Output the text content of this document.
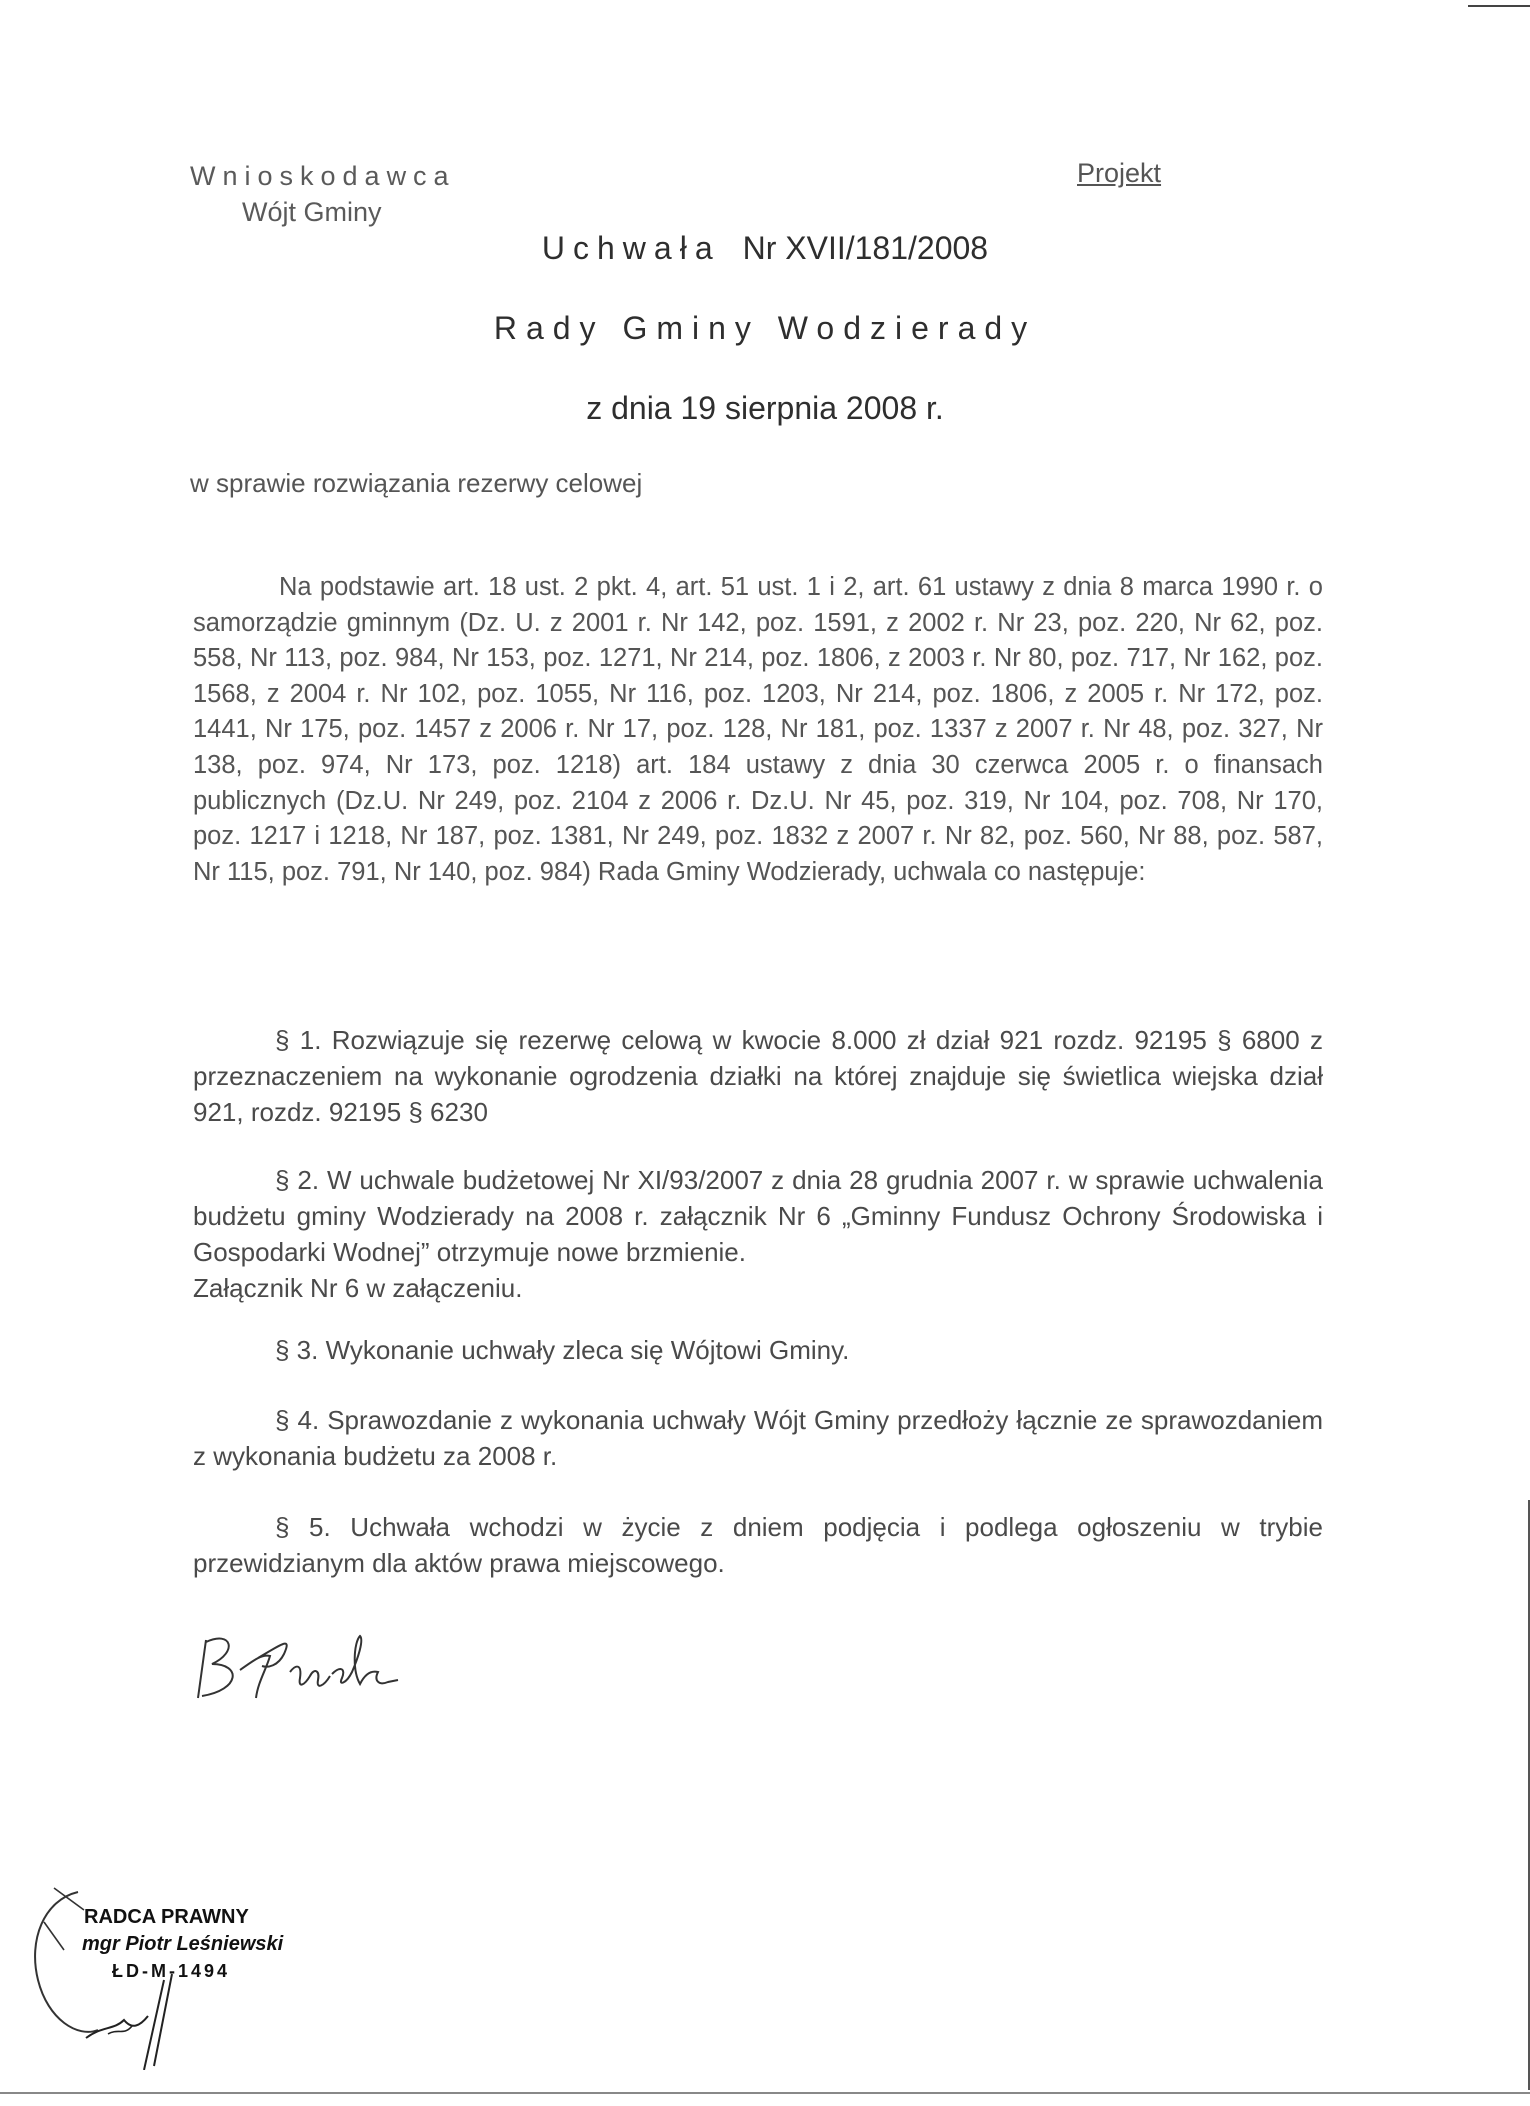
Wnioskodawca
Wójt Gminy
Projekt
Uchwała Nr XVII/181/2008
Rady Gminy Wodzierady
z dnia 19 sierpnia 2008 r.
w sprawie rozwiązania rezerwy celowej
Na podstawie art. 18 ust. 2 pkt. 4, art. 51 ust. 1 i 2, art. 61 ustawy z dnia 8 marca 1990 r. o samorządzie gminnym (Dz. U. z 2001 r. Nr 142, poz. 1591, z 2002 r. Nr 23, poz. 220, Nr 62, poz. 558, Nr 113, poz. 984, Nr 153, poz. 1271, Nr 214, poz. 1806, z 2003 r. Nr 80, poz. 717, Nr 162, poz. 1568, z 2004 r. Nr 102, poz. 1055, Nr 116, poz. 1203, Nr 214, poz. 1806, z 2005 r. Nr 172, poz. 1441, Nr 175, poz. 1457 z 2006 r. Nr 17, poz. 128, Nr 181, poz. 1337 z 2007 r. Nr 48, poz. 327, Nr 138, poz. 974, Nr 173, poz. 1218) art. 184 ustawy z dnia 30 czerwca 2005 r. o finansach publicznych (Dz.U. Nr 249, poz. 2104 z 2006 r. Dz.U. Nr 45, poz. 319, Nr 104, poz. 708, Nr 170, poz. 1217 i 1218, Nr 187, poz. 1381, Nr 249, poz. 1832 z 2007 r. Nr 82, poz. 560, Nr 88, poz. 587, Nr 115, poz. 791, Nr 140, poz. 984) Rada Gminy Wodzierady, uchwala co następuje:

§ 1. Rozwiązuje się rezerwę celową w kwocie 8.000 zł dział 921 rozdz. 92195 § 6800 z przeznaczeniem na wykonanie ogrodzenia działki na której znajduje się świetlica wiejska dział 921, rozdz. 92195 § 6230

§ 2. W uchwale budżetowej Nr XI/93/2007 z dnia 28 grudnia 2007 r. w sprawie uchwalenia budżetu gminy Wodzierady na 2008 r. załącznik Nr 6 „Gminny Fundusz Ochrony Środowiska i Gospodarki Wodnej” otrzymuje nowe brzmienie.
Załącznik Nr 6 w załączeniu.

§ 3. Wykonanie uchwały zleca się Wójtowi Gminy.

§ 4. Sprawozdanie z wykonania uchwały Wójt Gminy przedłoży łącznie ze sprawozdaniem z wykonania budżetu za 2008 r.

§ 5. Uchwała wchodzi w życie z dniem podjęcia i podlega ogłoszeniu w trybie przewidzianym dla aktów prawa miejscowego.

RADCA PRAWNY
mgr Piotr Leśniewski
ŁD-M-1494
